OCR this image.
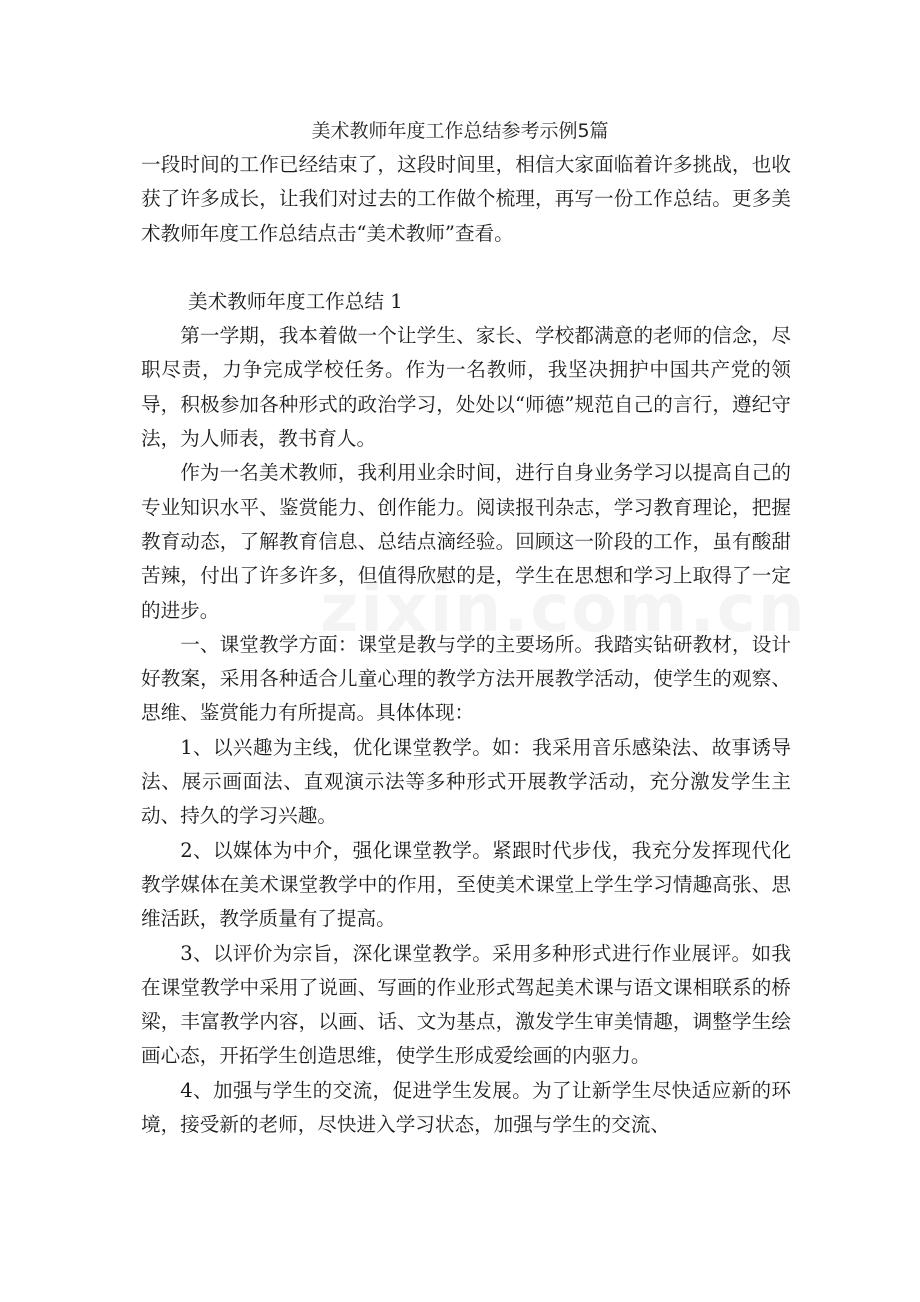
美术教师年度工作总结参考示例5篇

一段时间的工作已经结束了，这段时间里，相信大家面临着许多挑战，也收获了许多成长，让我们对过去的工作做个梳理，再写一份工作总结。更多美术教师年度工作总结点击“美术教师”查看。

美术教师年度工作总结 1

第一学期，我本着做一个让学生、家长、学校都满意的老师的信念，尽职尽责，力争完成学校任务。作为一名教师，我坚决拥护中国共产党的领导，积极参加各种形式的政治学习，处处以“师德”规范自己的言行，遵纪守法，为人师表，教书育人。

作为一名美术教师，我利用业余时间，进行自身业务学习以提高自己的专业知识水平、鉴赏能力、创作能力。阅读报刊杂志，学习教育理论，把握教育动态，了解教育信息、总结点滴经验。回顾这一阶段的工作，虽有酸甜苦辣，付出了许多许多，但值得欣慰的是，学生在思想和学习上取得了一定的进步。

一、课堂教学方面：课堂是教与学的主要场所。我踏实钻研教材，设计好教案，采用各种适合儿童心理的教学方法开展教学活动，使学生的观察、思维、鉴赏能力有所提高。具体体现：

1、以兴趣为主线，优化课堂教学。如：我采用音乐感染法、故事诱导法、展示画面法、直观演示法等多种形式开展教学活动，充分激发学生主动、持久的学习兴趣。

2、以媒体为中介，强化课堂教学。紧跟时代步伐，我充分发挥现代化教学媒体在美术课堂教学中的作用，至使美术课堂上学生学习情趣高张、思维活跃，教学质量有了提高。

3、以评价为宗旨，深化课堂教学。采用多种形式进行作业展评。如我在课堂教学中采用了说画、写画的作业形式驾起美术课与语文课相联系的桥梁，丰富教学内容，以画、话、文为基点，激发学生审美情趣，调整学生绘画心态，开拓学生创造思维，使学生形成爱绘画的内驱力。

4、加强与学生的交流，促进学生发展。为了让新学生尽快适应新的环境，接受新的老师，尽快进入学习状态，加强与学生的交流、
